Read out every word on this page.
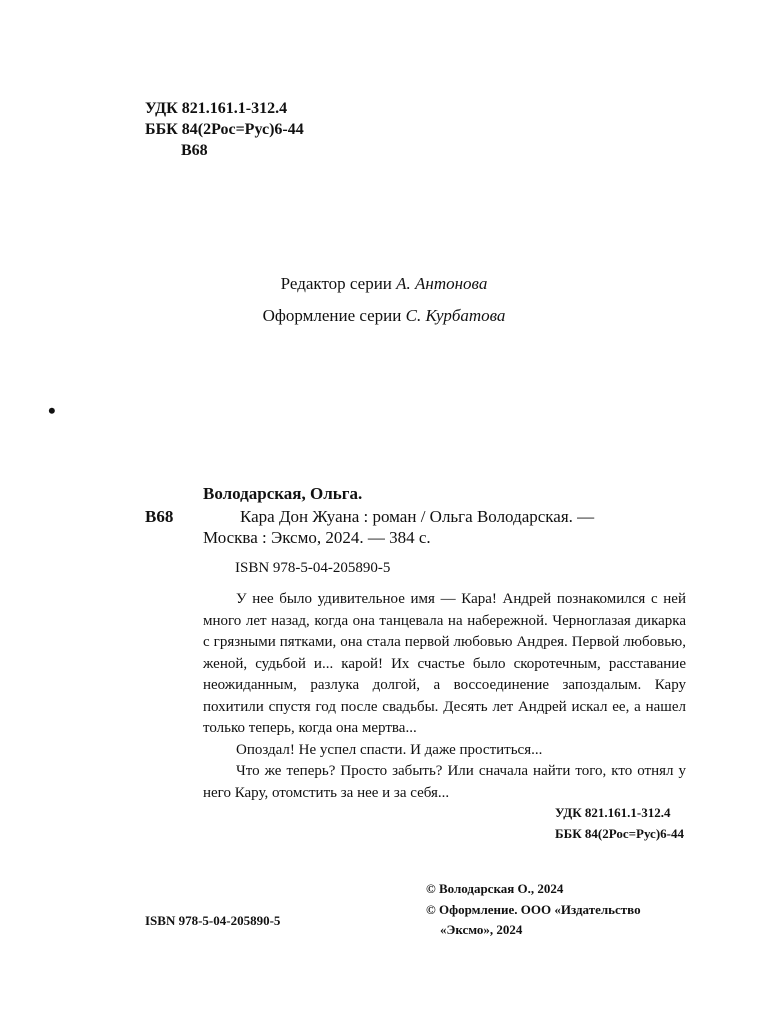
УДК 821.161.1-312.4
ББК 84(2Рос=Рус)6-44
В68
Редактор серии А. Антонова
Оформление серии С. Курбатова
•
Володарская, Ольга.
В68	Кара Дон Жуана : роман / Ольга Володарская. —
Москва : Эксмо, 2024. — 384 с.
ISBN 978-5-04-205890-5

У нее было удивительное имя — Кара! Андрей познакомился с ней много лет назад, когда она танцевала на набережной. Черноглазая дикарка с грязными пятками, она стала первой любовью Андрея. Первой любовью, женой, судьбой и... карой! Их счастье было скоротечным, расставание неожиданным, разлука долгой, а воссоединение запоздалым. Кару похитили спустя год после свадьбы. Десять лет Андрей искал ее, а нашел только теперь, когда она мертва...

Опоздал! Не успел спасти. И даже проститься...

Что же теперь? Просто забыть? Или сначала найти того, кто отнял у него Кару, отомстить за нее и за себя...

УДК 821.161.1-312.4
ББК 84(2Рос=Рус)6-44
© Володарская О., 2024
© Оформление. ООО «Издательство
«Эксмо», 2024
ISBN 978-5-04-205890-5
